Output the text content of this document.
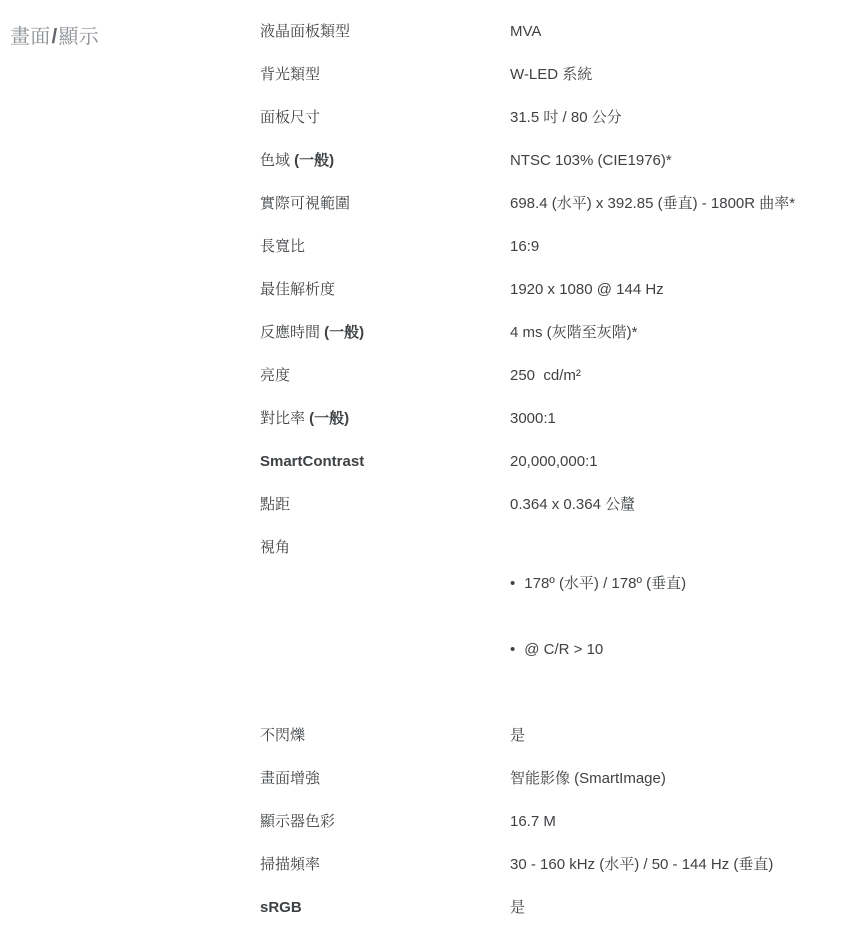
畫面/顯示	液晶面板類型	MVA
背光類型	W-LED 系統
面板尺寸	31.5 吋 / 80 公分
色域 (一般)	NTSC 103% (CIE1976)*
實際可視範圍	698.4 (水平) x 392.85 (垂直) - 1800R 曲率*
長寬比	16:9
最佳解析度	1920 x 1080 @ 144 Hz
反應時間 (一般)	4 ms (灰階至灰階)*
亮度	250  cd/m²
對比率 (一般)	3000:1
SmartContrast	20,000,000:1
點距	0.364 x 0.364 公釐
視角

• 178º (水平) / 178º (垂直)

• @ C/R > 10

不閃爍	是
畫面增強	智能影像 (SmartImage)
顯示器色彩	16.7 M
掃描頻率	30 - 160 kHz (水平) / 50 - 144 Hz (垂直)
sRGB	是
